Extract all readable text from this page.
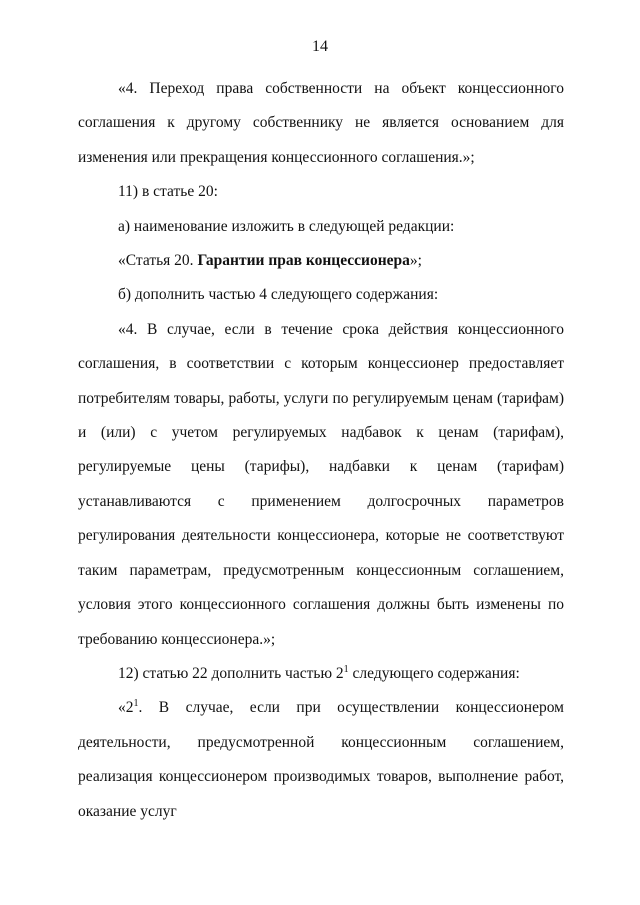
14

«4. Переход права собственности на объект концессионного соглашения к другому собственнику не является основанием для изменения или прекращения концессионного соглашения.»;

11) в статье 20:

а) наименование изложить в следующей редакции:

«Статья 20. Гарантии прав концессионера»;

б) дополнить частью 4 следующего содержания:

«4. В случае, если в течение срока действия концессионного соглашения, в соответствии с которым концессионер предоставляет потребителям товары, работы, услуги по регулируемым ценам (тарифам) и (или) с учетом регулируемых надбавок к ценам (тарифам), регулируемые цены (тарифы), надбавки к ценам (тарифам) устанавливаются с применением долгосрочных параметров регулирования деятельности концессионера, которые не соответствуют таким параметрам, предусмотренным концессионным соглашением, условия этого концессионного соглашения должны быть изменены по требованию концессионера.»;

12) статью 22 дополнить частью $2^1$ следующего содержания:

«$2^1$. В случае, если при осуществлении концессионером деятельности, предусмотренной концессионным соглашением, реализация концессионером производимых товаров, выполнение работ, оказание услуг
